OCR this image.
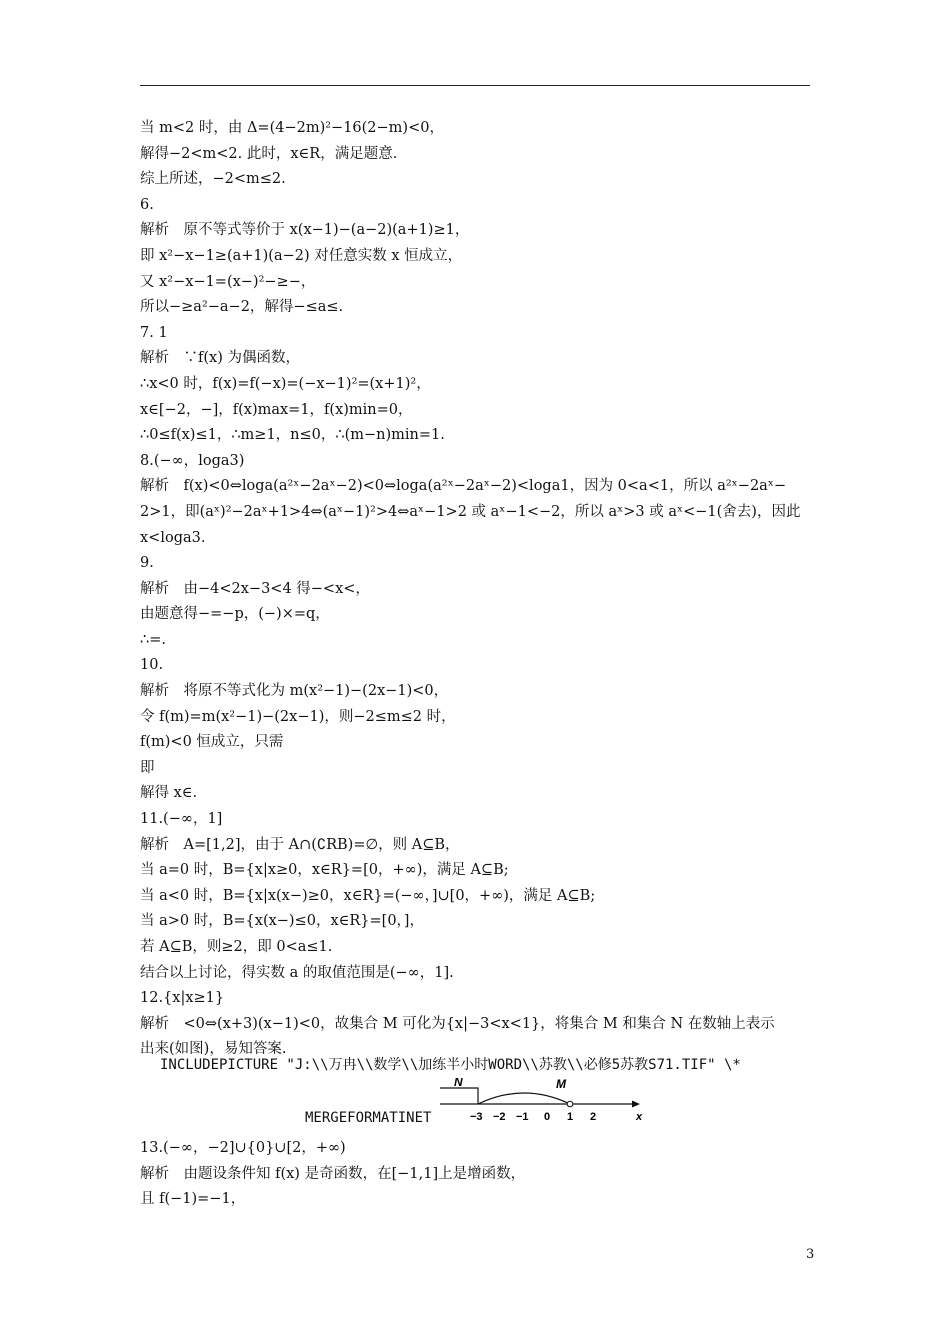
当 m<2 时，由 Δ=(4−2m)²−16(2−m)<0，
解得−2<m<2. 此时，x∈R，满足题意.
综上所述，−2<m≤2.
6.
解析　原不等式等价于 x(x−1)−(a−2)(a+1)≥1，
即 x²−x−1≥(a+1)(a−2) 对任意实数 x 恒成立，
又 x²−x−1=(x−)²−≥−，
所以−≥a²−a−2，解得−≤a≤.
7. 1
解析　∵f(x) 为偶函数，
∴x<0 时，f(x)=f(−x)=(−x−1)²=(x+1)²，
x∈[−2，−]，f(x)max=1，f(x)min=0，
∴0≤f(x)≤1，∴m≥1，n≤0，∴(m−n)min=1.
8.(−∞，loga3)
解析　f(x)<0⇔loga(a²ˣ−2aˣ−2)<0⇔loga(a²ˣ−2aˣ−2)<loga1，因为 0<a<1，所以 a²ˣ−2aˣ−
2>1，即(aˣ)²−2aˣ+1>4⇔(aˣ−1)²>4⇔aˣ−1>2 或 aˣ−1<−2，所以 aˣ>3 或 aˣ<−1(舍去)，因此
x<loga3.
9.
解析　由−4<2x−3<4 得−<x<，
由题意得−=−p，(−)×=q，
∴=.
10.
解析　将原不等式化为 m(x²−1)−(2x−1)<0，
令 f(m)=m(x²−1)−(2x−1)，则−2≤m≤2 时，
f(m)<0 恒成立，只需
即
解得 x∈.
11.(−∞，1]
解析　A=[1,2]，由于 A∩(∁RB)=∅，则 A⊆B，
当 a=0 时，B={x|x≥0，x∈R}=[0，+∞)，满足 A⊆B;
当 a<0 时，B={x|x(x−)≥0，x∈R}=(−∞，]∪[0，+∞)，满足 A⊆B;
当 a>0 时，B={x(x−)≤0，x∈R}=[0，]，
若 A⊆B，则≥2，即 0<a≤1.
结合以上讨论，得实数 a 的取值范围是(−∞，1].
12.{x|x≥1}
解析　<0⇔(x+3)(x−1)<0，故集合 M 可化为{x|−3<x<1}，将集合 M 和集合 N 在数轴上表示
出来(如图)，易知答案.
INCLUDEPICTURE "J:\\万冉\\数学\\加练半小时WORD\\苏教\\必修5苏教S71.TIF" \*
N	M
x
−3 −2 −1 0 1 2
MERGEFORMATINET
13.(−∞，−2]∪{0}∪[2，+∞)
解析　由题设条件知 f(x) 是奇函数，在[−1,1]上是增函数，
且 f(−1)=−1，
3
